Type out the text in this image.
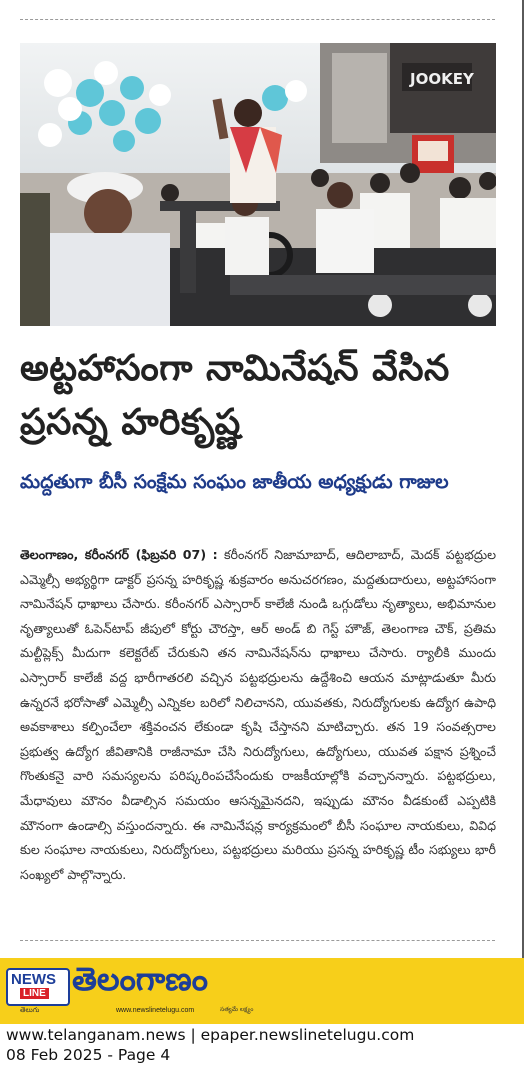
JOOKEY
అట్టహాసంగా నామినేషన్ వేసిన ప్రసన్న హరికృష్ణ
మద్దతుగా బీసీ సంక్షేమ సంఘం జాతీయ అధ్యక్షుడు గాజుల
తెలంగాణం, కరీంనగర్ (ఫిబ్రవరి 07) : కరీంనగర్ నిజామాబాద్, ఆదిలాబాద్, మెదక్ పట్టభద్రుల ఎమ్మెల్సీ అభ్యర్థిగా డాక్టర్ ప్రసన్న హరికృష్ణ శుక్రవారం అనుచరగణం, మద్దతుదారులు, అట్టహాసంగా నామినేషన్ ధాఖాలు చేసారు. కరీంనగర్ ఎస్సారార్ కాలేజీ నుండి ఒగ్గుడోలు నృత్యాలు, అభిమానుల నృత్యాలుతో ఓపెన్‌టాప్ జీపులో కోర్టు చౌరస్తా, ఆర్ అండ్ బి గెస్ట్ హౌజ్, తెలంగాణ చౌక్, ప్రతిమ మల్టీప్లెక్స్ మీదుగా కలెక్టరేట్ చేరుకుని తన నామినేషన్‌ను ధాఖాలు చేసారు. ర్యాలీకి ముందు ఎస్సారార్ కాలేజీ వద్ద భారీగాతరలి వచ్చిన పట్టభద్రులను ఉద్దేశించి ఆయన మాట్లాడుతూ మీరు ఉన్నరనే భరోసాతో ఎమ్మెల్సీ ఎన్నికల బరిలో నిలిచానని, యువతకు, నిరుద్యోగులకు ఉద్యోగ ఉపాధి అవకాశాలు కల్పించేలా శక్తివంచన లేకుండా కృషి చేస్తానని మాటిచ్చారు. తన 19 సంవత్సరాల ప్రభుత్వ ఉద్యోగ జీవితానికి రాజీనామా చేసి నిరుద్యోగులు, ఉద్యోగులు, యువత పక్షాన ప్రశ్నించే గొంతుకనై వారి సమస్యలను పరిష్కరింపచేసేందుకు రాజకీయాల్లోకి వచ్చానన్నారు. పట్టభద్రులు, మేధావులు మౌనం వీడాల్సిన సమయం ఆసన్నమైనదని, ఇప్పుడు మౌనం వీడకుంటే ఎప్పటికి మౌనంగా ఉండాల్సి వస్తుందన్నారు. ఈ నామినేషన్ల కార్యక్రమంలో బీసీ సంఘాల నాయకులు, వివిధ కుల సంఘాల నాయకులు, నిరుద్యోగులు, పట్టభద్రులు మరియు ప్రసన్న హరికృష్ణ టీం సభ్యులు భారీ సంఖ్యలో పాల్గొన్నారు.
NEWS
LINE
తెలుగు
తెలంగాణం
www.newslinetelugu.com	సత్యమే లక్ష్యం
www.telanganam.news | epaper.newslinetelugu.com
08 Feb 2025 - Page 4
